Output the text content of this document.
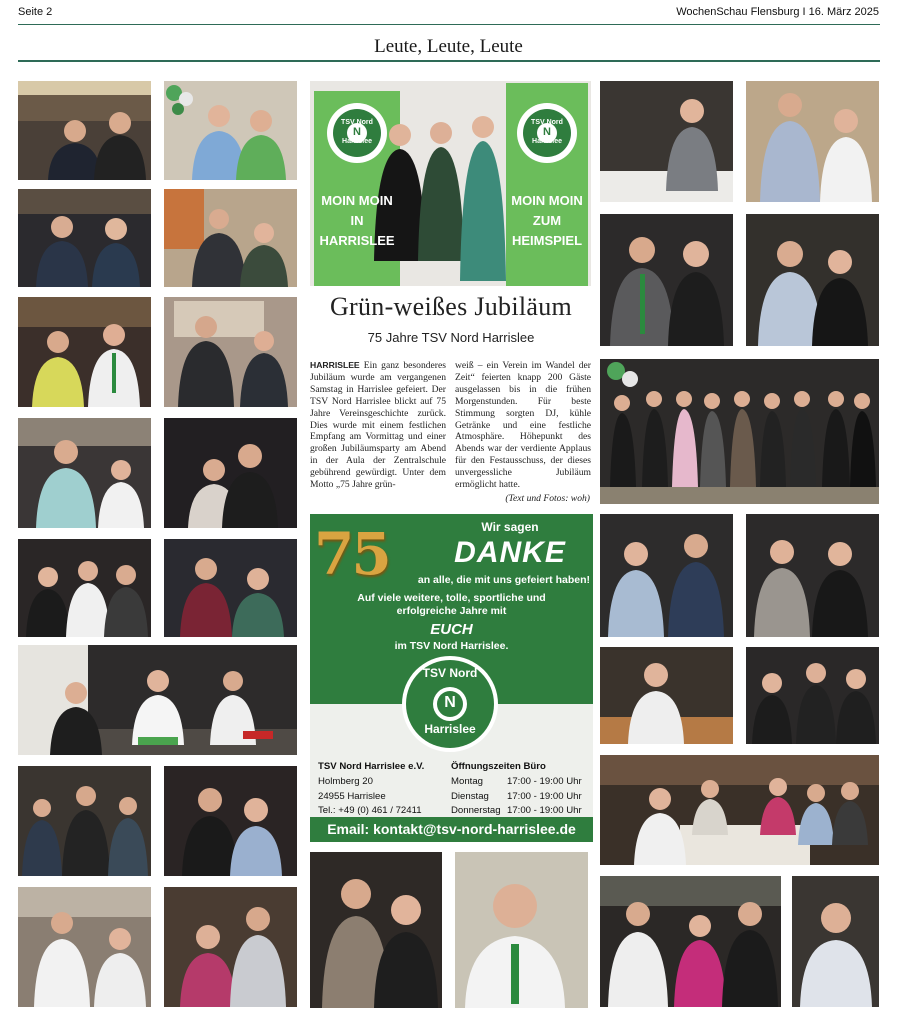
Seite 2	WochenSchau Flensburg I 16. März 2025
Leute, Leute, Leute
TSV Nord
N
Harrislee
MOIN MOIN IN HARRISLEE
TSV Nord
N
Harrislee
MOIN MOIN ZUM HEIMSPIEL
Grün-weißes Jubiläum
75 Jahre TSV Nord Harrislee
HARRISLEE Ein ganz besonderes Jubiläum wurde am vergangenen Samstag in Harrislee gefeiert. Der TSV Nord Harrislee blickt auf 75 Jahre Vereinsgeschichte zurück. Dies wurde mit einem festlichen Empfang am Vormittag und einer großen Jubiläumsparty am Abend in der Aula der Zentralschule gebührend gewürdigt. Unter dem Motto „75 Jahre grün-
weiß – ein Verein im Wandel der Zeit“ feierten knapp 200 Gäste ausgelassen bis in die frühen Morgenstunden. Für beste Stimmung sorgten DJ, kühle Getränke und eine festliche Atmosphäre. Höhepunkt des Abends war der verdiente Applaus für den Festausschuss, der dieses unvergessliche Jubiläum ermöglicht hatte.
(Text und Fotos: woh)
75	Wir sagen
DANKE
an alle, die mit uns gefeiert haben!
Auf viele weitere, tolle, sportliche und
erfolgreiche Jahre mit
EUCH
im TSV Nord Harrislee.
TSV Nord
N
Harrislee
TSV Nord Harrislee e.V.
Holmberg 20
24955 Harrislee
Tel.: +49 (0) 461 / 72411
Öffnungszeiten Büro
Montag	17:00 - 19:00 Uhr
Dienstag	17:00 - 19:00 Uhr
Donnerstag 17:00 - 19:00 Uhr
Email: kontakt@tsv-nord-harrislee.de
